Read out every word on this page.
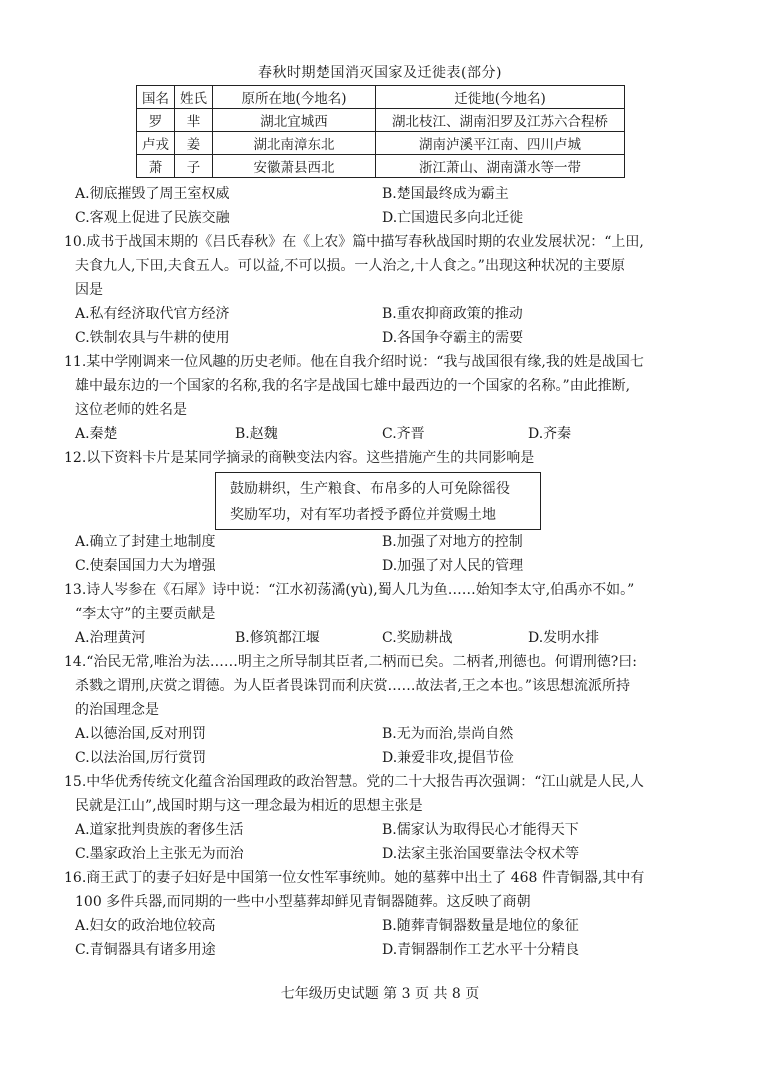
春秋时期楚国消灭国家及迁徙表(部分)
国名	姓氏	原所在地(今地名)	迁徙地(今地名)
罗	芈	湖北宜城西	湖北枝江、湖南汨罗及江苏六合程桥
卢戎	姜	湖北南漳东北	湖南泸溪平江南、四川卢城
萧	子	安徽萧县西北	浙江萧山、湖南潇水等一带
A.彻底摧毁了周王室权威	B.楚国最终成为霸主
C.客观上促进了民族交融	D.亡国遗民多向北迁徙
10.成书于战国末期的《吕氏春秋》在《上农》篇中描写春秋战国时期的农业发展状况：“上田,
夫食九人,下田,夫食五人。可以益,不可以损。一人治之,十人食之。”出现这种状况的主要原
因是
A.私有经济取代官方经济	B.重农抑商政策的推动
C.铁制农具与牛耕的使用	D.各国争夺霸主的需要
11.某中学刚调来一位风趣的历史老师。他在自我介绍时说：“我与战国很有缘,我的姓是战国七
雄中最东边的一个国家的名称,我的名字是战国七雄中最西边的一个国家的名称。”由此推断,
这位老师的姓名是
A.秦楚	B.赵魏	C.齐晋	D.齐秦
12.以下资料卡片是某同学摘录的商鞅变法内容。这些措施产生的共同影响是
鼓励耕织，生产粮食、布帛多的人可免除徭役
奖励军功，对有军功者授予爵位并赏赐土地
A.确立了封建土地制度	B.加强了对地方的控制
C.使秦国国力大为增强	D.加强了对人民的管理
13.诗人岑参在《石犀》诗中说：“江水初荡潏(yù),蜀人几为鱼……始知李太守,伯禹亦不如。”
“李太守”的主要贡献是
A.治理黄河	B.修筑都江堰	C.奖励耕战	D.发明水排
14.“治民无常,唯治为法……明主之所导制其臣者,二柄而已矣。二柄者,刑德也。何谓刑德?曰:
杀戮之谓刑,庆赏之谓德。为人臣者畏诛罚而利庆赏……故法者,王之本也。”该思想流派所持
的治国理念是
A.以德治国,反对刑罚	B.无为而治,崇尚自然
C.以法治国,厉行赏罚	D.兼爱非攻,提倡节俭
15.中华优秀传统文化蕴含治国理政的政治智慧。党的二十大报告再次强调：“江山就是人民,人
民就是江山”,战国时期与这一理念最为相近的思想主张是
A.道家批判贵族的奢侈生活	B.儒家认为取得民心才能得天下
C.墨家政治上主张无为而治	D.法家主张治国要靠法令权术等
16.商王武丁的妻子妇好是中国第一位女性军事统帅。她的墓葬中出土了 468 件青铜器,其中有
100 多件兵器,而同期的一些中小型墓葬却鲜见青铜器随葬。这反映了商朝
A.妇女的政治地位较高	B.随葬青铜器数量是地位的象征
C.青铜器具有诸多用途	D.青铜器制作工艺水平十分精良
七年级历史试题 第 3 页 共 8 页
